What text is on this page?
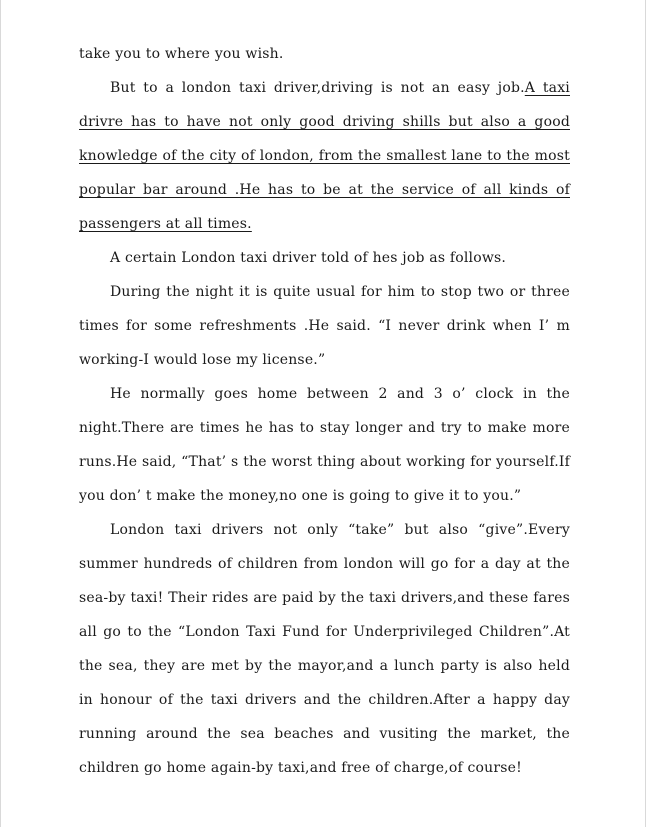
take you to where you wish.

But to a london taxi driver,driving is not an easy job.A taxi drivre has to have not only good driving shills but also a good knowledge of the city of london, from the smallest lane to the most popular bar around .He has to be at the service of all kinds of passengers at all times.

A certain London taxi driver told of hes job as follows.

During the night it is quite usual for him to stop two or three times for some refreshments .He said. “I never drink when I’ m working-I would lose my license.”

He normally goes home between 2 and 3 o’ clock in the night.There are times he has to stay longer and try to make more runs.He said, “That’ s the worst thing about working for yourself.If you don’ t make the money,no one is going to give it to you.”

London taxi drivers not only “take” but also “give”.Every summer hundreds of children from london will go for a day at the sea-by taxi! Their rides are paid by the taxi drivers,and these fares all go to the “London Taxi Fund for Underprivileged Children”.At the sea, they are met by the mayor,and a lunch party is also held in honour of the taxi drivers and the children.After a happy day running around the sea beaches and vusiting the market, the children go home again-by taxi,and free of charge,of course!
